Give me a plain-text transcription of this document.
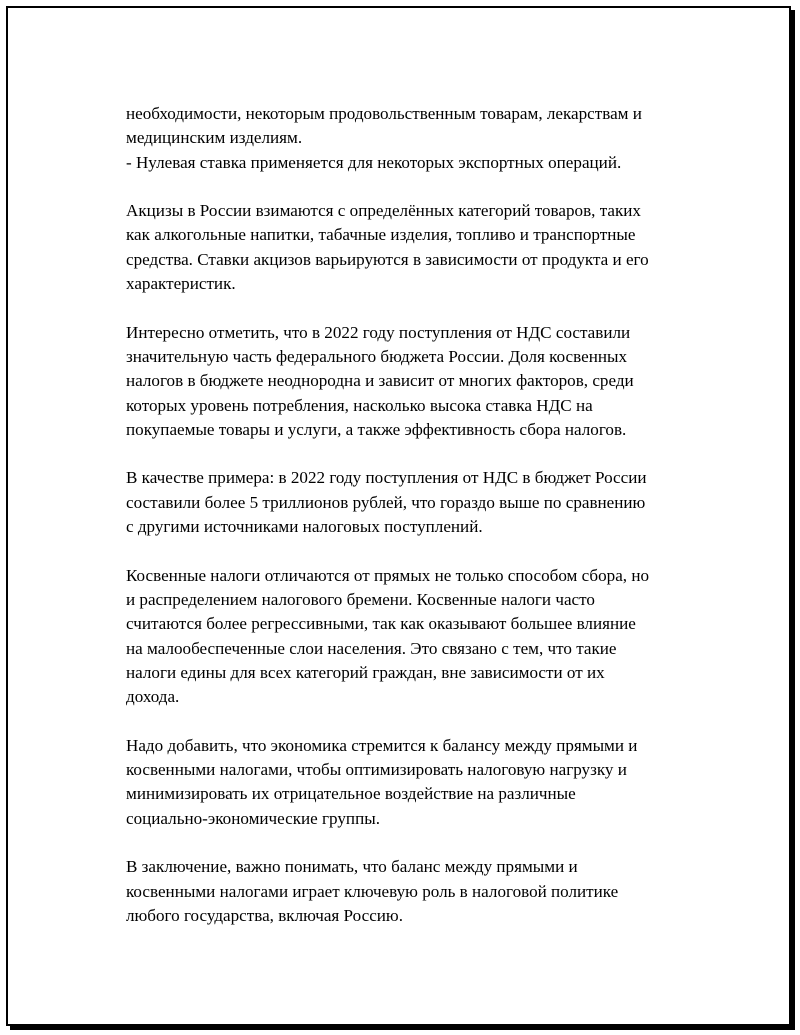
необходимости, некоторым продовольственным товарам, лекарствам и
медицинским изделиям.
- Нулевая ставка применяется для некоторых экспортных операций.

Акцизы в России взимаются с определённых категорий товаров, таких
как алкогольные напитки, табачные изделия, топливо и транспортные
средства. Ставки акцизов варьируются в зависимости от продукта и его
характеристик.

Интересно отметить, что в 2022 году поступления от НДС составили
значительную часть федерального бюджета России. Доля косвенных
налогов в бюджете неоднородна и зависит от многих факторов, среди
которых уровень потребления, насколько высока ставка НДС на
покупаемые товары и услуги, а также эффективность сбора налогов.

В качестве примера: в 2022 году поступления от НДС в бюджет России
составили более 5 триллионов рублей, что гораздо выше по сравнению
с другими источниками налоговых поступлений.

Косвенные налоги отличаются от прямых не только способом сбора, но
и распределением налогового бремени. Косвенные налоги часто
считаются более регрессивными, так как оказывают большее влияние
на малообеспеченные слои населения. Это связано с тем, что такие
налоги едины для всех категорий граждан, вне зависимости от их
дохода.

Надо добавить, что экономика стремится к балансу между прямыми и
косвенными налогами, чтобы оптимизировать налоговую нагрузку и
минимизировать их отрицательное воздействие на различные
социально-экономические группы.

В заключение, важно понимать, что баланс между прямыми и
косвенными налогами играет ключевую роль в налоговой политике
любого государства, включая Россию.
